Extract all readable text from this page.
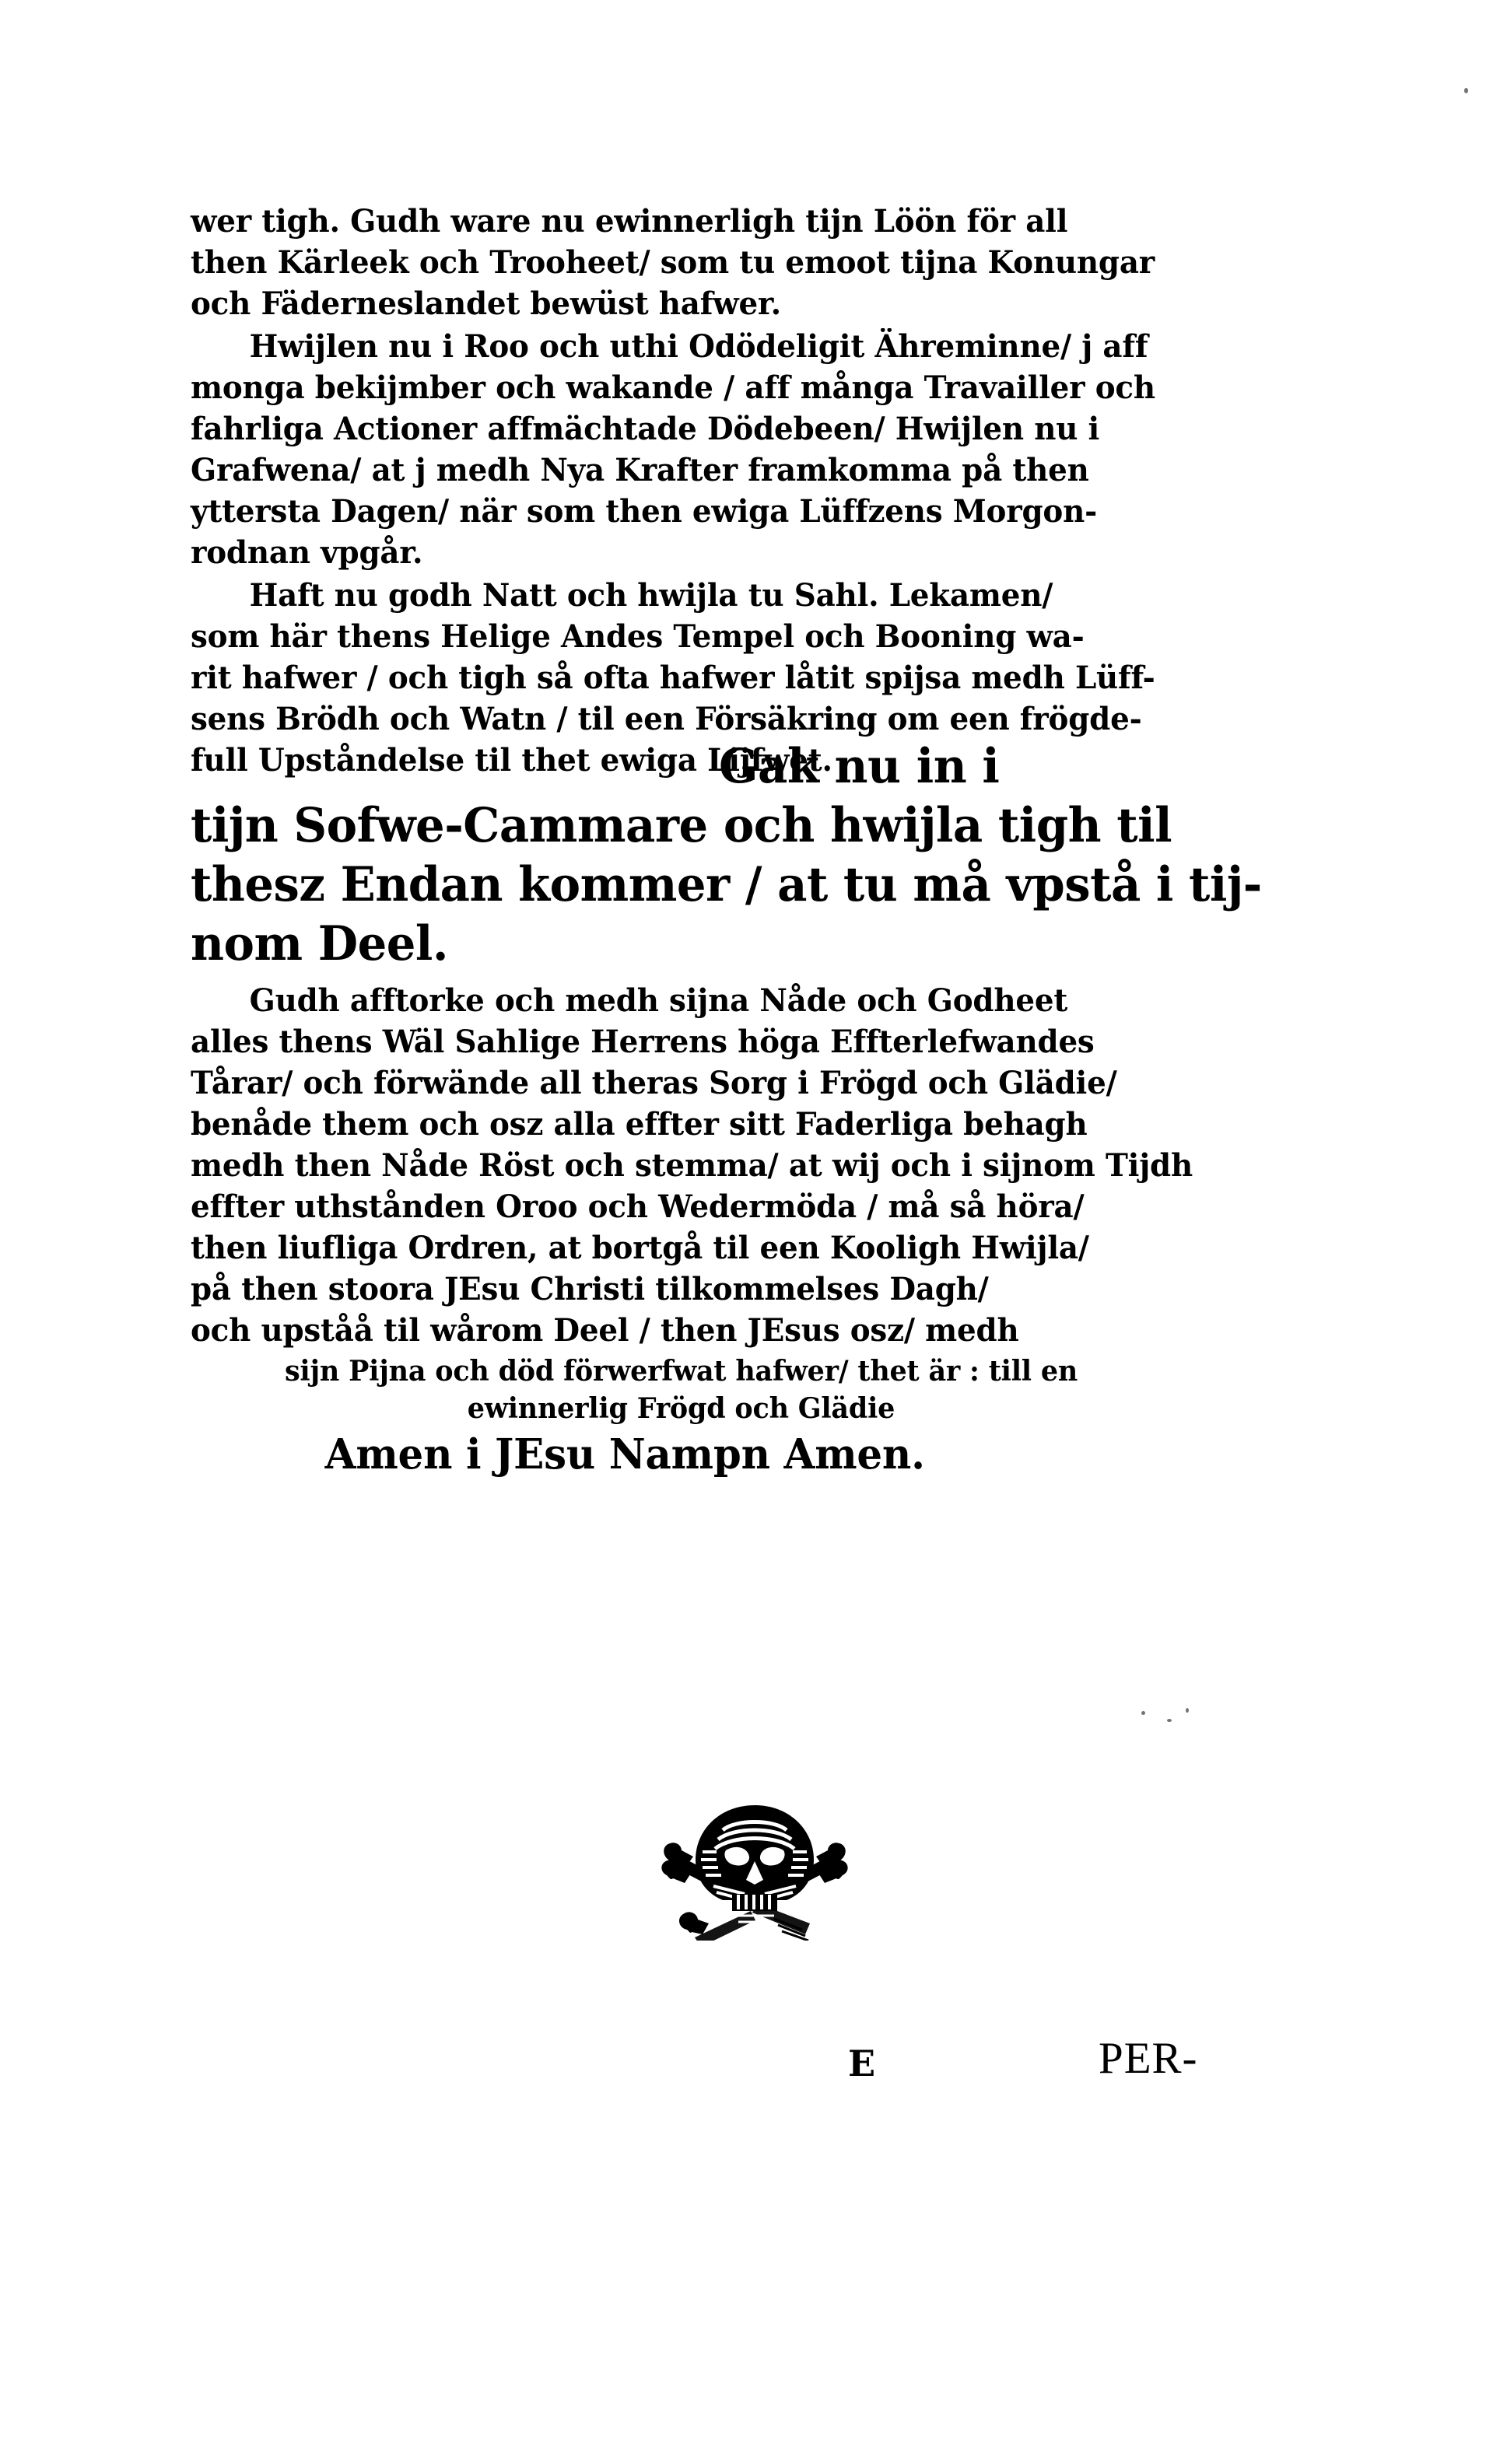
wer tigh. Gudh ware nu ewinnerligh tijn Löön för all
then Kärleek och Trooheet/ som tu emoot tijna Konungar
och Fäderneslandet bewüst hafwer.
Hwijlen nu i Roo och uthi Odödeligit Ähreminne/ j aff
monga bekijmber och wakande / aff många Travailler och
fahrliga Actioner affmächtade Dödebeen/ Hwijlen nu i
Grafwena/ at j medh Nya Krafter framkomma på then
yttersta Dagen/ när som then ewiga Lüffzens Morgon-
rodnan vpgår.
Haft nu godh Natt och hwijla tu Sahl. Lekamen/
som här thens Helige Andes Tempel och Booning wa-
rit hafwer / och tigh så ofta hafwer låtit spijsa medh Lüff-
sens Brödh och Watn / til een Försäkring om een frögde-
full Upståndelse til thet ewiga Lijfwet.
Gak nu in i
tijn Sofwe-Cammare och hwijla tigh til
thesz Endan kommer / at tu må vpstå i tij-
nom Deel.
Gudh afftorke och medh sijna Nåde och Godheet
alles thens Wäl Sahlige Herrens höga Effterlefwandes
Tårar/ och förwände all theras Sorg i Frögd och Glädie/
benåde them och osz alla effter sitt Faderliga behagh
medh then Nåde Röst och stemma/ at wij och i sijnom Tijdh
effter uthstånden Oroo och Wedermöda / må så höra/
then liufliga Ordren, at bortgå til een Kooligh Hwijla/
på then stoora JEsu Christi tilkommelses Dagh/
och upståå til wårom Deel / then JEsus osz/ medh
sijn Pijna och död förwerfwat hafwer/ thet är : till en
ewinnerlig Frögd och Glädie
Amen i JEsu Nampn Amen.
E	PER-
